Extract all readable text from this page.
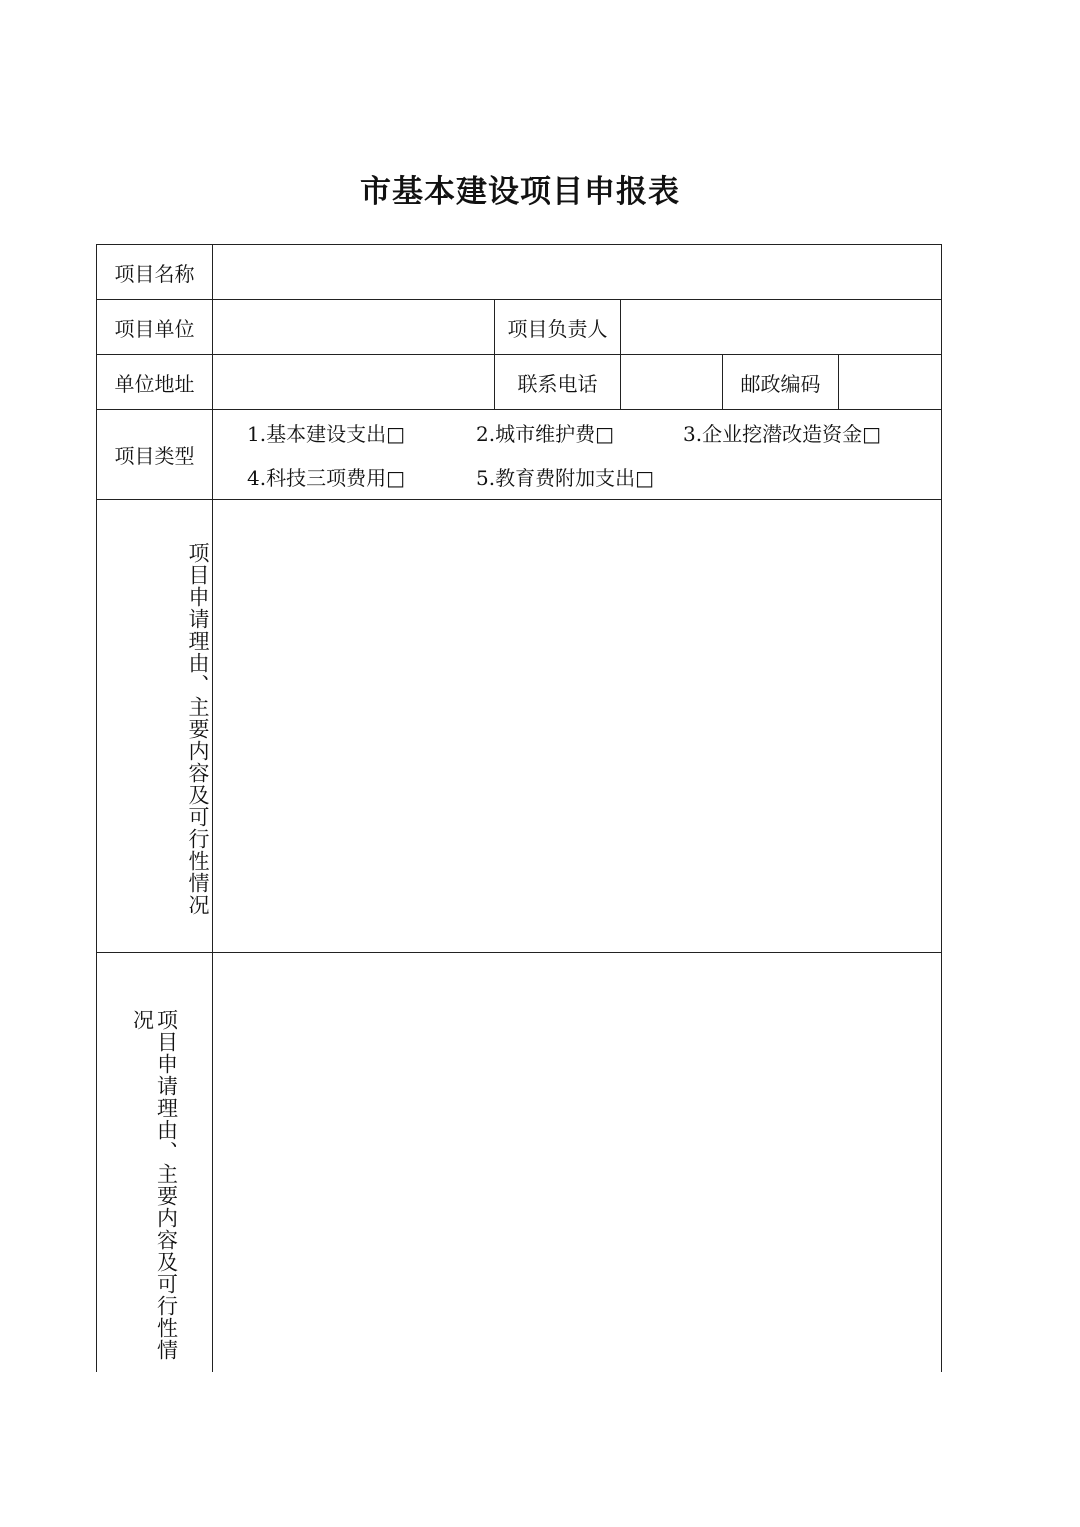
市基本建设项目申报表
项目名称					
项目单位		项目负责人			
单位地址		联系电话		邮政编码	
项目类型	1.基本建设支出□ 2.城市维护费□ 3.企业挖潜改造资金□
4.科技三项费用□ 5.教育费附加支出□				

项目申请理由、主要内容及可行性情况					

项目申请理由、主要内容及可行性情况					
